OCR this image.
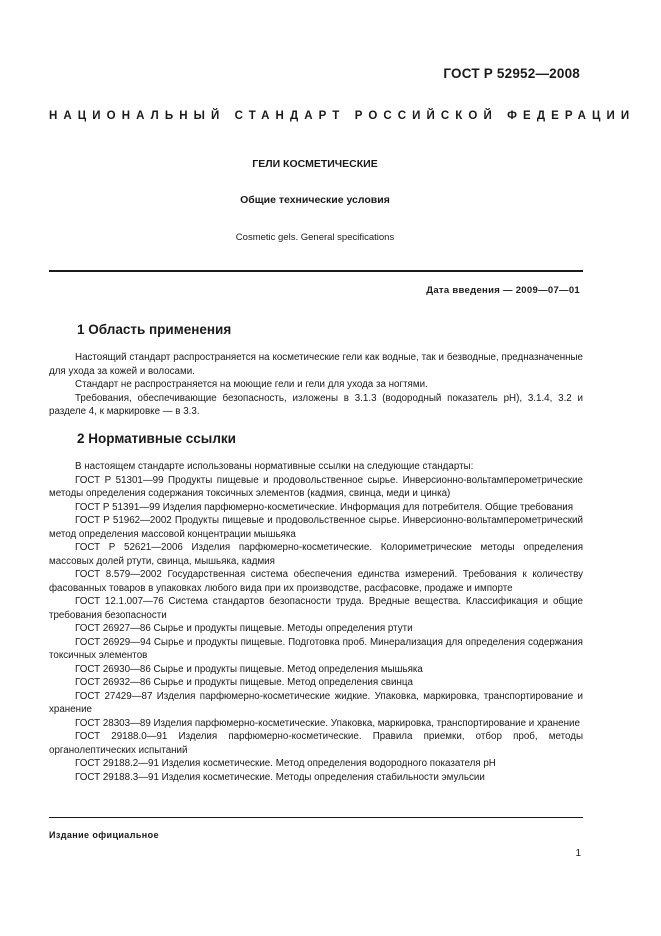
ГОСТ Р 52952—2008
НАЦИОНАЛЬНЫЙ СТАНДАРТ РОССИЙСКОЙ ФЕДЕРАЦИИ
ГЕЛИ КОСМЕТИЧЕСКИЕ
Общие технические условия
Cosmetic gels. General specifications
Дата введения — 2009—07—01
1 Область применения

Настоящий стандарт распространяется на косметические гели как водные, так и безводные, предназначенные для ухода за кожей и волосами.

Стандарт не распространяется на моющие гели и гели для ухода за ногтями.

Требования, обеспечивающие безопасность, изложены в 3.1.3 (водородный показатель pH), 3.1.4, 3.2 и разделе 4, к маркировке — в 3.3.

2 Нормативные ссылки

В настоящем стандарте использованы нормативные ссылки на следующие стандарты:

ГОСТ Р 51301—99 Продукты пищевые и продовольственное сырье. Инверсионно-вольтамперометрические методы определения содержания токсичных элементов (кадмия, свинца, меди и цинка)

ГОСТ Р 51391—99 Изделия парфюмерно-косметические. Информация для потребителя. Общие требования

ГОСТ Р 51962—2002 Продукты пищевые и продовольственное сырье. Инверсионно-вольтамперометрический метод определения массовой концентрации мышьяка

ГОСТ Р 52621—2006 Изделия парфюмерно-косметические. Колориметрические методы определения массовых долей ртути, свинца, мышьяка, кадмия

ГОСТ 8.579—2002 Государственная система обеспечения единства измерений. Требования к количеству фасованных товаров в упаковках любого вида при их производстве, расфасовке, продаже и импорте

ГОСТ 12.1.007—76 Система стандартов безопасности труда. Вредные вещества. Классификация и общие требования безопасности

ГОСТ 26927—86 Сырье и продукты пищевые. Методы определения ртути

ГОСТ 26929—94 Сырье и продукты пищевые. Подготовка проб. Минерализация для определения содержания токсичных элементов

ГОСТ 26930—86 Сырье и продукты пищевые. Метод определения мышьяка

ГОСТ 26932—86 Сырье и продукты пищевые. Метод определения свинца

ГОСТ 27429—87 Изделия парфюмерно-косметические жидкие. Упаковка, маркировка, транспортирование и хранение

ГОСТ 28303—89 Изделия парфюмерно-косметические. Упаковка, маркировка, транспортирование и хранение

ГОСТ 29188.0—91 Изделия парфюмерно-косметические. Правила приемки, отбор проб, методы органолептических испытаний

ГОСТ 29188.2—91 Изделия косметические. Метод определения водородного показателя pH

ГОСТ 29188.3—91 Изделия косметические. Методы определения стабильности эмульсии

Издание официальное
1
